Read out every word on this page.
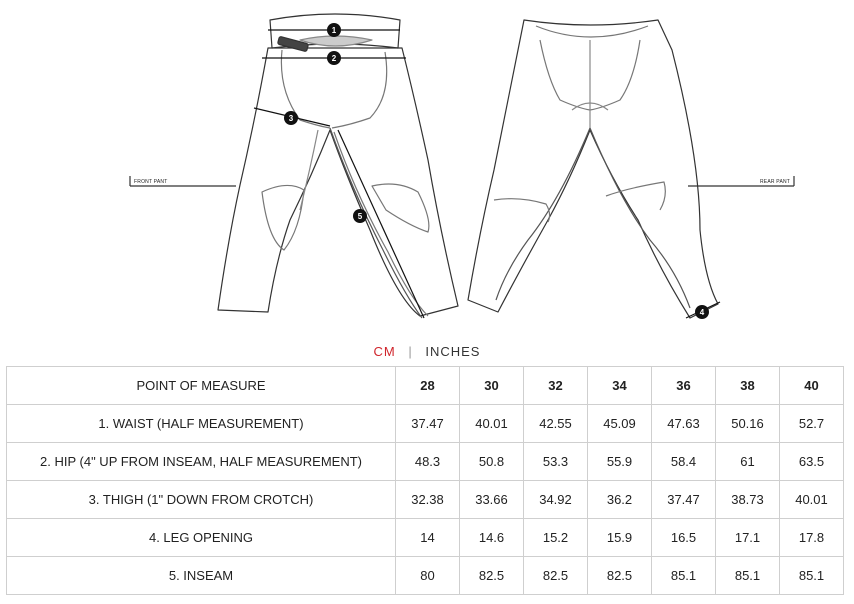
FRONT PANT	REAR PANT
1
2
3
4
5
CM | INCHES
POINT OF MEASURE	28	30	32	34	36	38	40
1. WAIST (HALF MEASUREMENT)	37.47	40.01	42.55	45.09	47.63	50.16	52.7
2. HIP (4" UP FROM INSEAM, HALF MEASUREMENT)	48.3	50.8	53.3	55.9	58.4	61	63.5
3. THIGH (1" DOWN FROM CROTCH)	32.38	33.66	34.92	36.2	37.47	38.73	40.01
4. LEG OPENING	14	14.6	15.2	15.9	16.5	17.1	17.8
5. INSEAM	80	82.5	82.5	82.5	85.1	85.1	85.1
